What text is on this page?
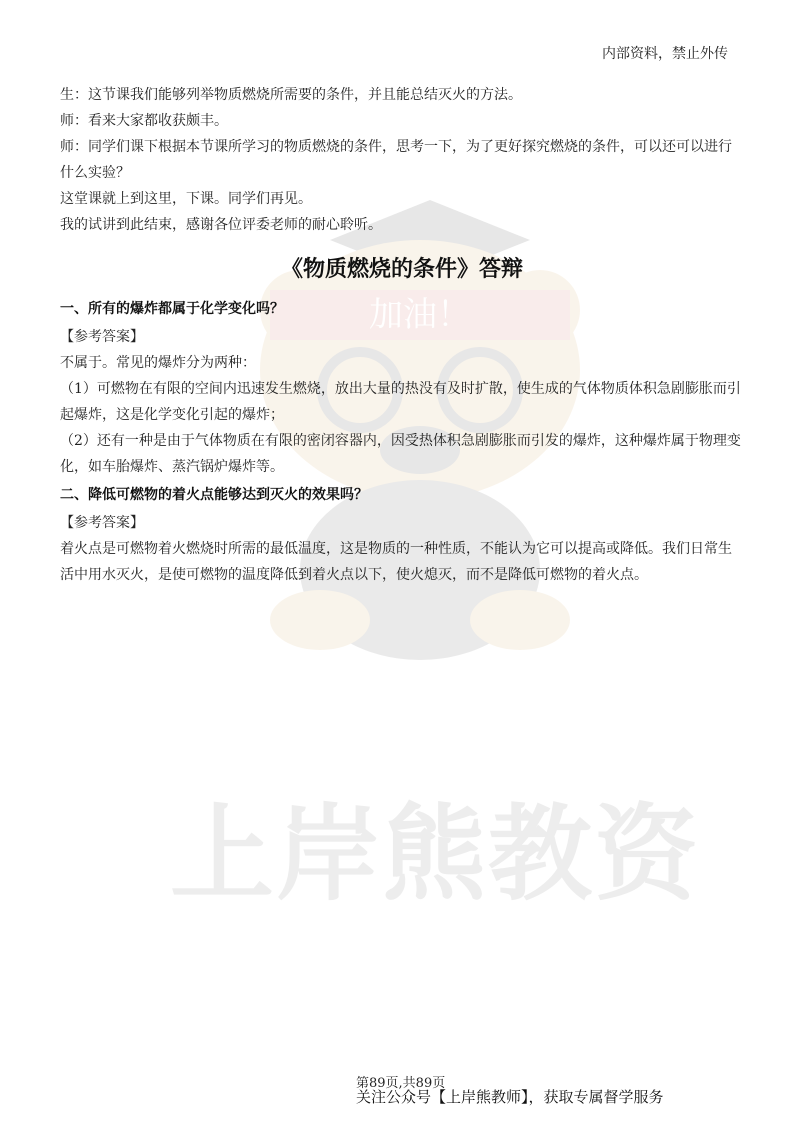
加油！
上岸熊教资
内部资料，禁止外传

生：这节课我们能够列举物质燃烧所需要的条件，并且能总结灭火的方法。

师：看来大家都收获颇丰。

师：同学们课下根据本节课所学习的物质燃烧的条件，思考一下，为了更好探究燃烧的条件，可以还可以进行什么实验？

这堂课就上到这里，下课。同学们再见。

我的试讲到此结束，感谢各位评委老师的耐心聆听。

《物质燃烧的条件》答辩

一、所有的爆炸都属于化学变化吗？

【参考答案】

不属于。常见的爆炸分为两种：

（1）可燃物在有限的空间内迅速发生燃烧，放出大量的热没有及时扩散，使生成的气体物质体积急剧膨胀而引起爆炸，这是化学变化引起的爆炸；

（2）还有一种是由于气体物质在有限的密闭容器内，因受热体积急剧膨胀而引发的爆炸，这种爆炸属于物理变化，如车胎爆炸、蒸汽锅炉爆炸等。

二、降低可燃物的着火点能够达到灭火的效果吗？

【参考答案】

着火点是可燃物着火燃烧时所需的最低温度，这是物质的一种性质，不能认为它可以提高或降低。我们日常生活中用水灭火，是使可燃物的温度降低到着火点以下，使火熄灭，而不是降低可燃物的着火点。

第89页,共89页
关注公众号【上岸熊教师】，获取专属督学服务
